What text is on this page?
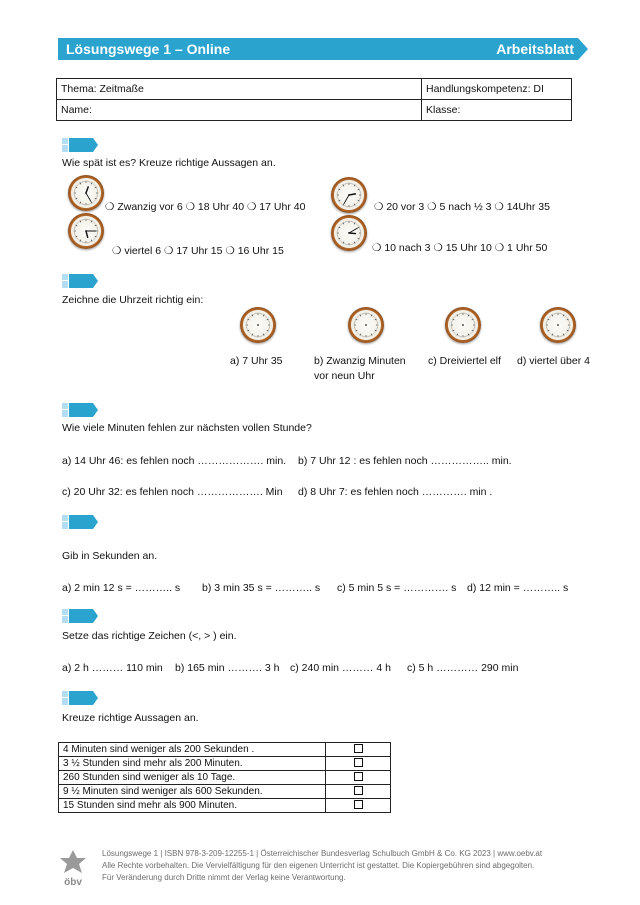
Lösungswege 1 – Online	Arbeitsblatt
Thema: Zeitmaße	Handlungskompetenz: DI
Name:	Klasse:
Wie spät ist es? Kreuze richtige Aussagen an.
❍ Zwanzig vor 6 ❍ 18 Uhr 40 ❍ 17 Uhr 40	❍ 20 vor 3 ❍ 5 nach ½ 3 ❍ 14Uhr 35
❍ viertel 6 ❍ 17 Uhr 15 ❍ 16 Uhr 15	❍ 10 nach 3 ❍ 15 Uhr 10 ❍ 1 Uhr 50
Zeichne die Uhrzeit richtig ein:
a) 7 Uhr 35	b) Zwanzig Minuten
vor neun Uhr
c) Dreiviertel elf d) viertel über 4
Wie viele Minuten fehlen zur nächsten vollen Stunde?
a) 14 Uhr 46: es fehlen noch ………………. min. b) 7 Uhr 12 : es fehlen noch …………….. min.
c) 20 Uhr 32: es fehlen noch ………………. Min d) 8 Uhr 7: es fehlen noch …………. min .
Gib in Sekunden an.
a) 2 min 12 s = ……….. s b) 3 min 35 s = ……….. s c) 5 min 5 s = …………. s d) 12 min = ……….. s
Setze das richtige Zeichen (<, > ) ein.
a) 2 h ……… 110 min b) 165 min ………. 3 h c) 240 min ……… 4 h c) 5 h ………… 290 min
Kreuze richtige Aussagen an.
4 Minuten sind weniger als 200 Sekunden .	
3 ½ Stunden sind mehr als 200 Minuten.	
260 Stunden sind weniger als 10 Tage.	
9 ½ Minuten sind weniger als 600 Sekunden.	
15 Stunden sind mehr als 900 Minuten.	
öbv
Lösungswege 1 | ISBN 978-3-209-12255-1 | Österreichischer Bundesverlag Schulbuch GmbH & Co. KG 2023 | www.oebv.at
Alle Rechte vorbehalten. Die Vervielfältigung für den eigenen Unterricht ist gestattet. Die Kopiergebühren sind abgegolten.
Für Veränderung durch Dritte nimmt der Verlag keine Verantwortung.
